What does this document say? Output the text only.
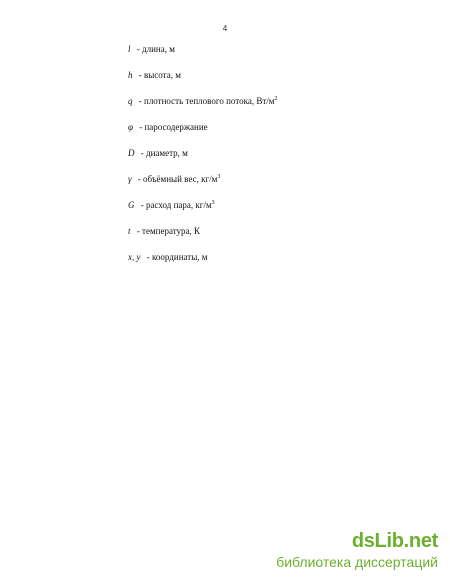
4
l - длина, м
h - высота, м
q - плотность теплового потока, $Вт/м^2$
φ - паросодержание
D - диаметр, м
γ - объёмный вес, $кг/м^3$
G - расход пара, $кг/м^3$
t - температура, К
x, y - координаты, м
dsLib.net
библиотека диссертаций
